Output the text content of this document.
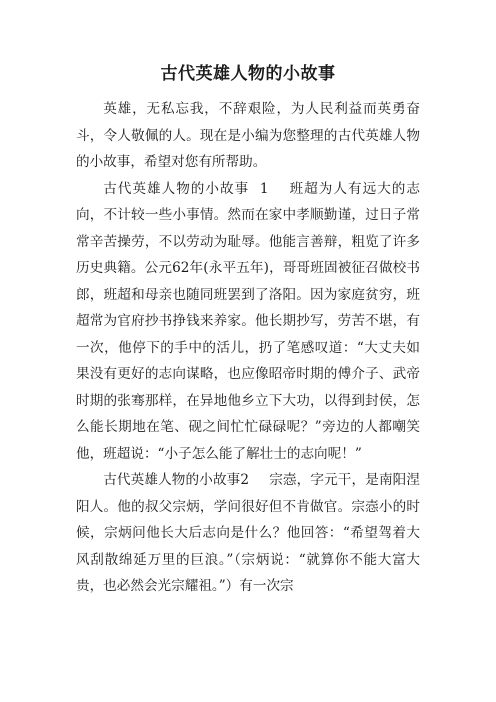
古代英雄人物的小故事

英雄，无私忘我，不辞艰险，为人民利益而英勇奋斗，令人敬佩的人。现在是小编为您整理的古代英雄人物的小故事，希望对您有所帮助。

古代英雄人物的小故事 1 班超为人有远大的志向，不计较一些小事情。然而在家中孝顺勤谨，过日子常常辛苦操劳，不以劳动为耻辱。他能言善辩，粗览了许多历史典籍。公元62年(永平五年)，哥哥班固被征召做校书郎，班超和母亲也随同班罢到了洛阳。因为家庭贫穷，班超常为官府抄书挣钱来养家。他长期抄写，劳苦不堪，有一次，他停下的手中的活儿，扔了笔感叹道：“大丈夫如果没有更好的志向谋略，也应像昭帝时期的傅介子、武帝时期的张骞那样，在异地他乡立下大功，以得到封侯，怎么能长期地在笔、砚之间忙忙碌碌呢？”旁边的人都嘲笑他，班超说：“小子怎么能了解壮士的志向呢！”

古代英雄人物的小故事2 宗悫，字元干，是南阳涅阳人。他的叔父宗炳，学问很好但不肯做官。宗悫小的时候，宗炳问他长大后志向是什么？他回答：“希望驾着大风刮散绵延万里的巨浪。”（宗炳说：“就算你不能大富大贵，也必然会光宗耀祖。”）有一次宗
